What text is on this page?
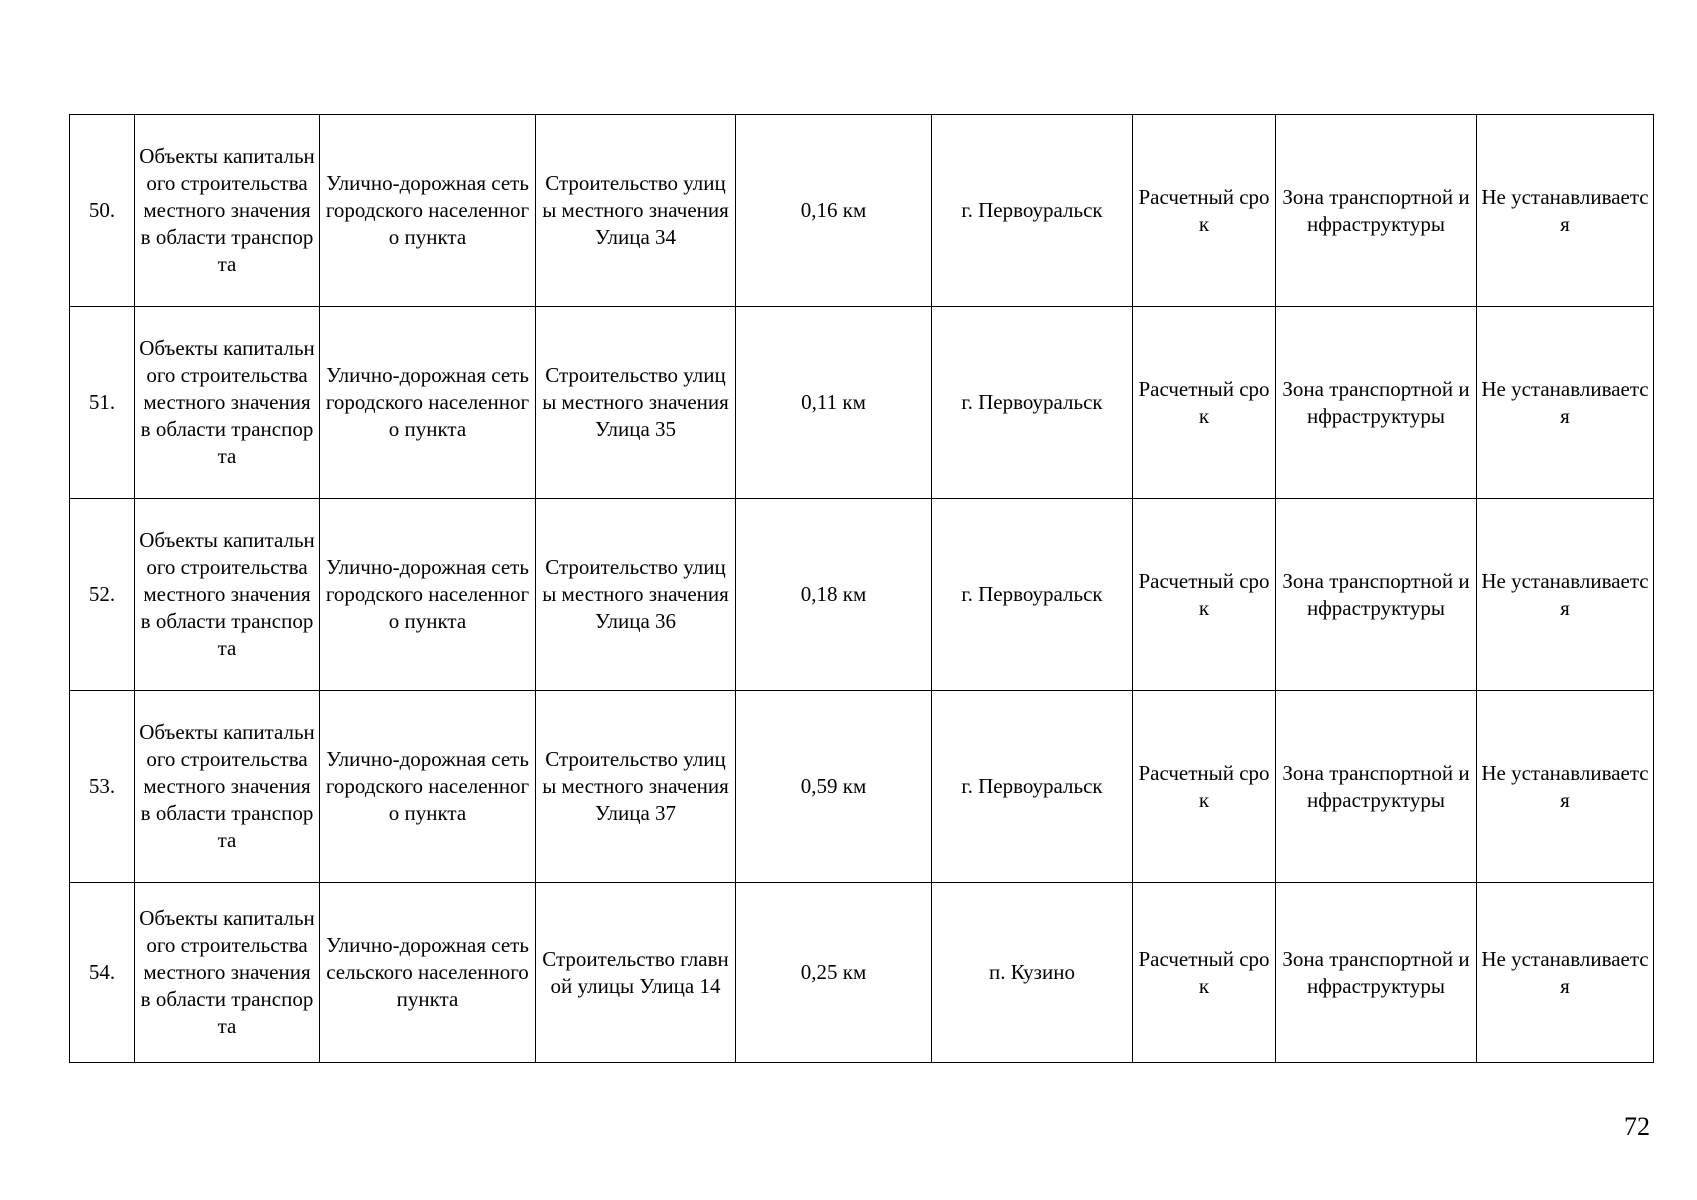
50.	Объекты капитального строительства местного значения в области транспорта	Улично-дорожная сеть городского населенного пункта	Строительство улицы местного значения Улица 34	0,16 км	г. Первоуральск	Расчетный срок	Зона транспортной инфраструктуры	Не устанавливаетс я
51.	Объекты капитального строительства местного значения в области транспорта	Улично-дорожная сеть городского населенного пункта	Строительство улицы местного значения Улица 35	0,11 км	г. Первоуральск	Расчетный срок	Зона транспортной инфраструктуры	Не устанавливаетс я
52.	Объекты капитального строительства местного значения в области транспорта	Улично-дорожная сеть городского населенного пункта	Строительство улицы местного значения Улица 36	0,18 км	г. Первоуральск	Расчетный срок	Зона транспортной инфраструктуры	Не устанавливаетс я
53.	Объекты капитального строительства местного значения в области транспорта	Улично-дорожная сеть городского населенного пункта	Строительство улицы местного значения Улица 37	0,59 км	г. Первоуральск	Расчетный срок	Зона транспортной инфраструктуры	Не устанавливаетс я
54.	Объекты капитального строительства местного значения в области транспорта	Улично-дорожная сеть сельского населенного пункта	Строительство главной улицы Улица 14	0,25 км	п. Кузино	Расчетный срок	Зона транспортной инфраструктуры	Не устанавливаетс я
72
